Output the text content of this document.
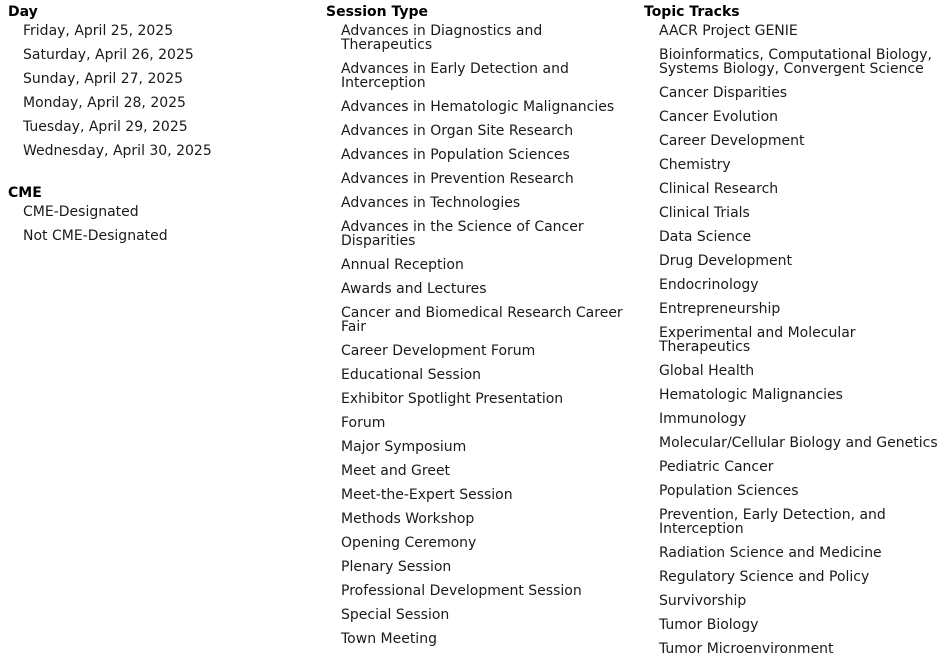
Day
Friday, April 25, 2025
Saturday, April 26, 2025
Sunday, April 27, 2025
Monday, April 28, 2025
Tuesday, April 29, 2025
Wednesday, April 30, 2025
CME
CME-Designated
Not CME-Designated
Session Type
Advances in Diagnostics and Therapeutics
Advances in Early Detection and Interception
Advances in Hematologic Malignancies
Advances in Organ Site Research
Advances in Population Sciences
Advances in Prevention Research
Advances in Technologies
Advances in the Science of Cancer Disparities
Annual Reception
Awards and Lectures
Cancer and Biomedical Research Career Fair
Career Development Forum
Educational Session
Exhibitor Spotlight Presentation
Forum
Major Symposium
Meet and Greet
Meet-the-Expert Session
Methods Workshop
Opening Ceremony
Plenary Session
Professional Development Session
Special Session
Town Meeting
Topic Tracks
AACR Project GENIE
Bioinformatics, Computational Biology, Systems Biology, Convergent Science
Cancer Disparities
Cancer Evolution
Career Development
Chemistry
Clinical Research
Clinical Trials
Data Science
Drug Development
Endocrinology
Entrepreneurship
Experimental and Molecular Therapeutics
Global Health
Hematologic Malignancies
Immunology
Molecular/Cellular Biology and Genetics
Pediatric Cancer
Population Sciences
Prevention, Early Detection, and Interception
Radiation Science and Medicine
Regulatory Science and Policy
Survivorship
Tumor Biology
Tumor Microenvironment
